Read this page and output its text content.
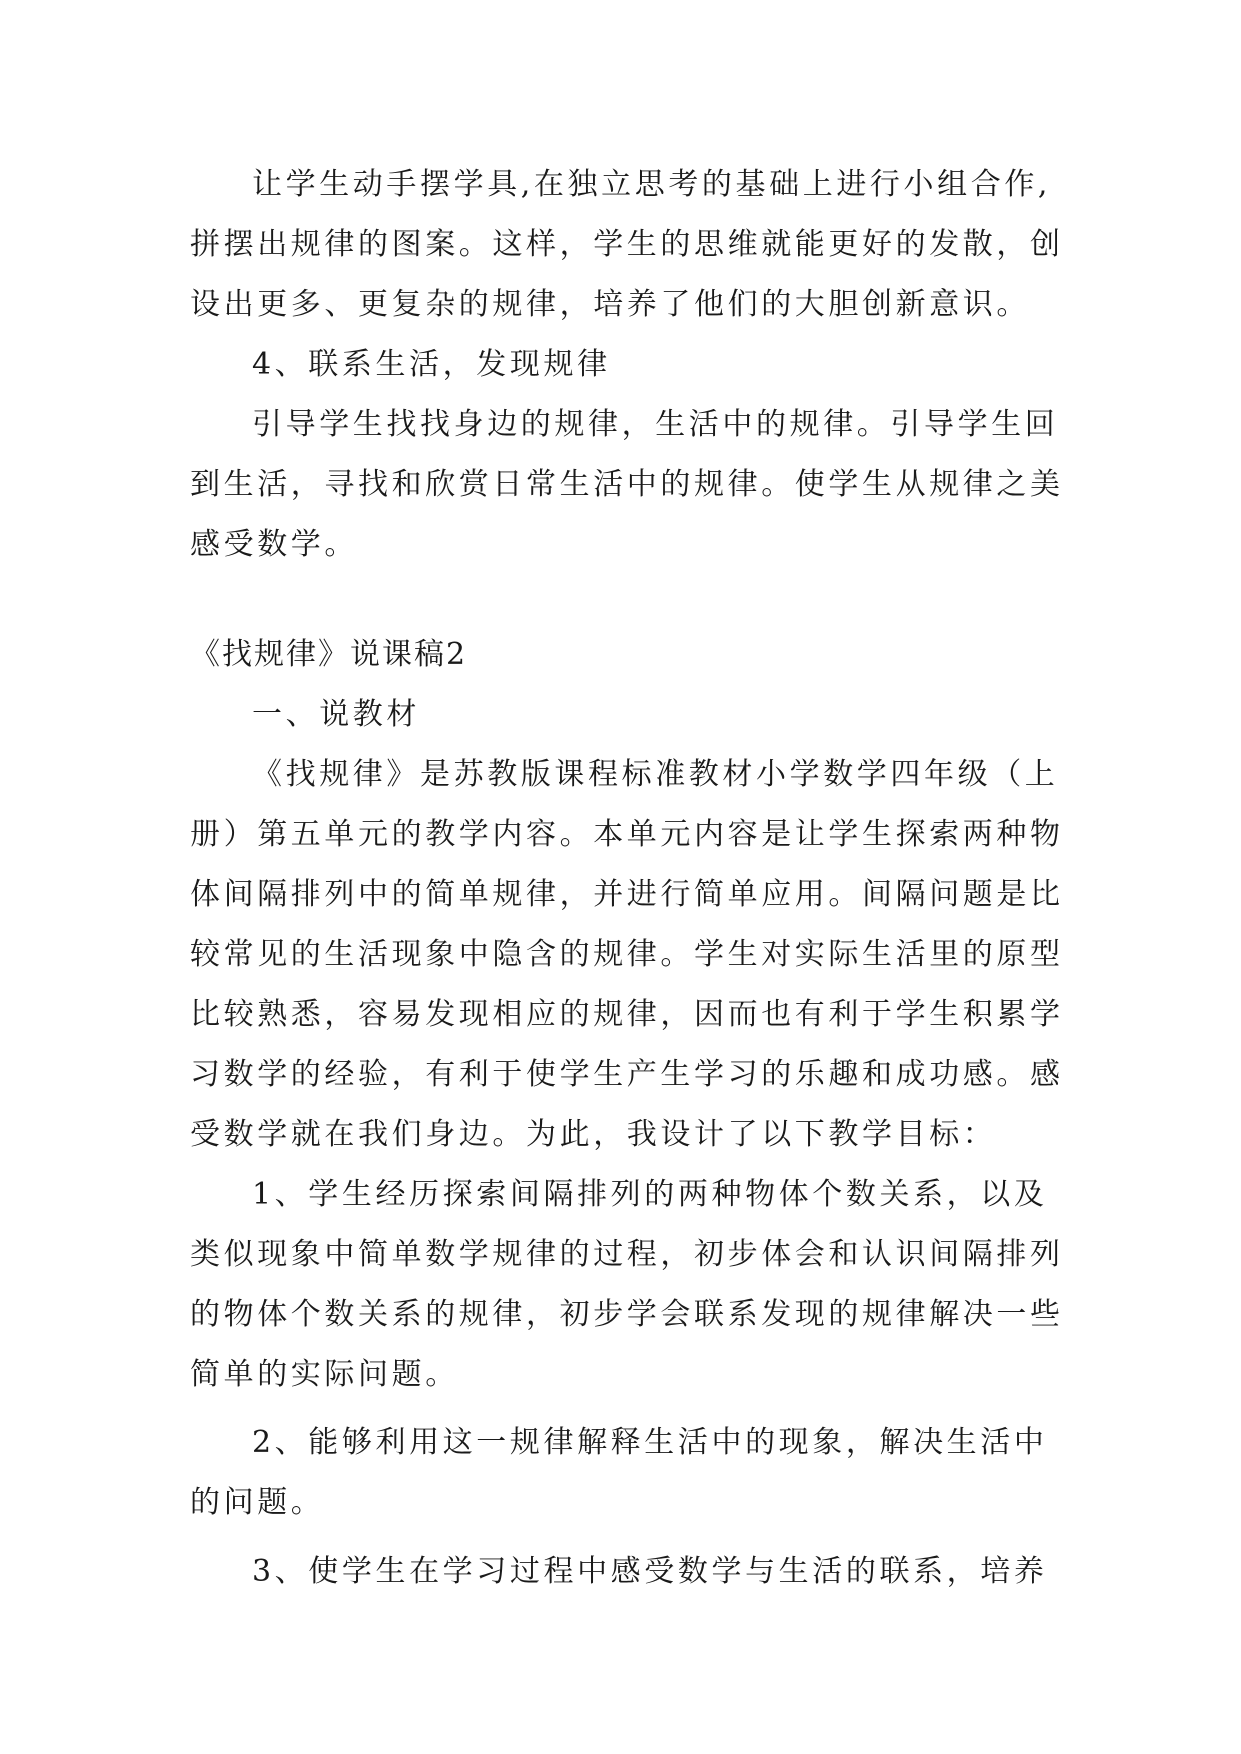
让学生动手摆学具,在独立思考的基础上进行小组合作,
拼摆出规律的图案。这样，学生的思维就能更好的发散，创
设出更多、更复杂的规律，培养了他们的大胆创新意识。
4、联系生活，发现规律
引导学生找找身边的规律，生活中的规律。引导学生回
到生活，寻找和欣赏日常生活中的规律。使学生从规律之美
感受数学。
《找规律》说课稿2
一、说教材
《找规律》是苏教版课程标准教材小学数学四年级（上
册）第五单元的教学内容。本单元内容是让学生探索两种物
体间隔排列中的简单规律，并进行简单应用。间隔问题是比
较常见的生活现象中隐含的规律。学生对实际生活里的原型
比较熟悉，容易发现相应的规律，因而也有利于学生积累学
习数学的经验，有利于使学生产生学习的乐趣和成功感。感
受数学就在我们身边。为此，我设计了以下教学目标：
1、学生经历探索间隔排列的两种物体个数关系，以及
类似现象中简单数学规律的过程，初步体会和认识间隔排列
的物体个数关系的规律，初步学会联系发现的规律解决一些
简单的实际问题。
2、能够利用这一规律解释生活中的现象，解决生活中
的问题。
3、使学生在学习过程中感受数学与生活的联系，培养
